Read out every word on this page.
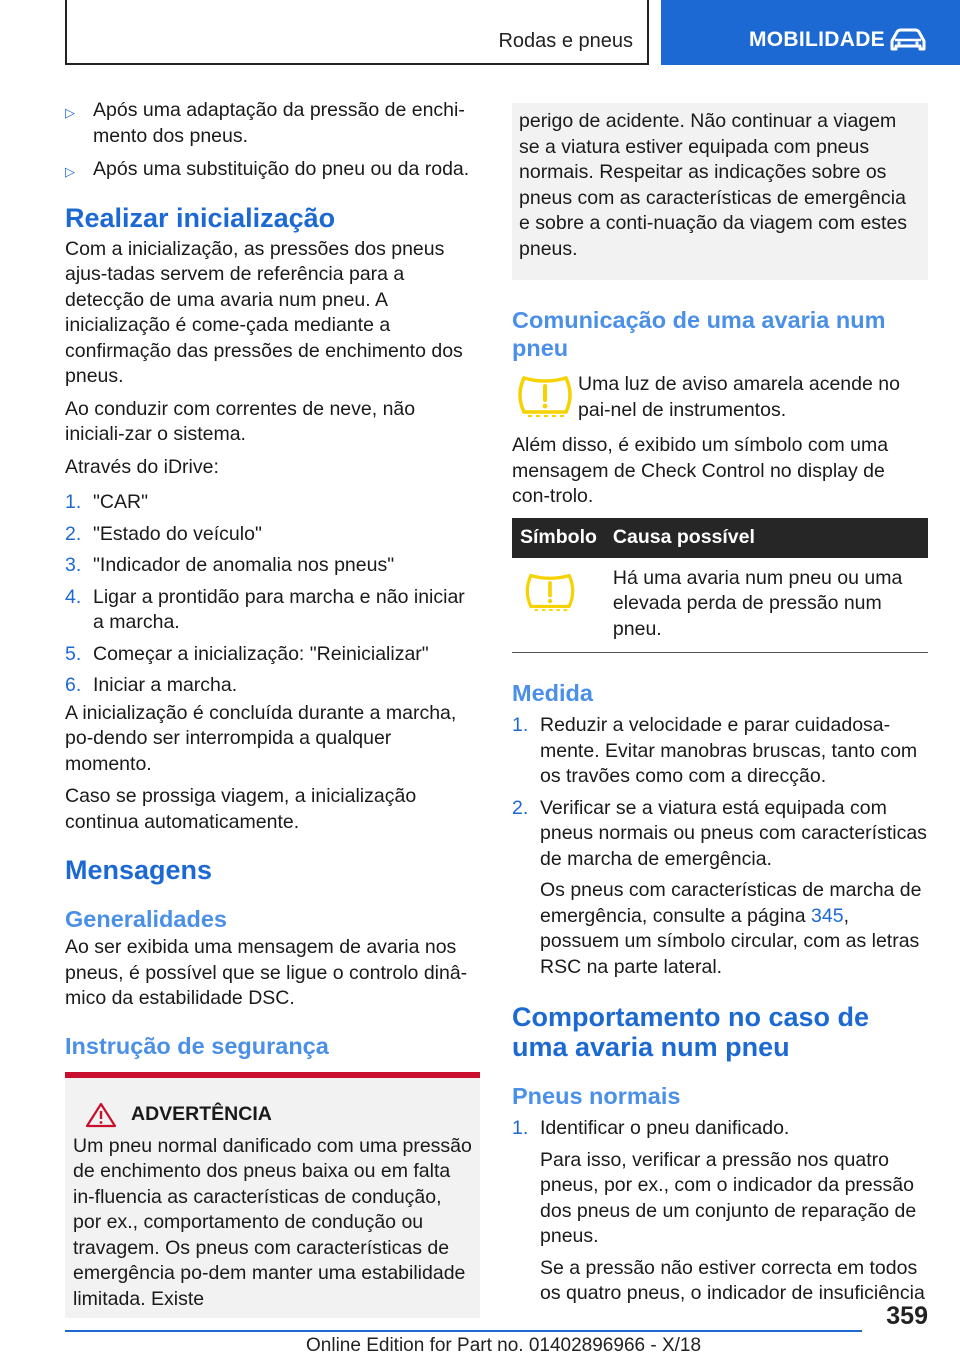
Rodas e pneus	MOBILIDADE
▷ Após uma adaptação da pressão de enchi-mento dos pneus.
▷ Após uma substituição do pneu ou da roda.
Realizar inicialização

Com a inicialização, as pressões dos pneus ajus-tadas servem de referência para a detecção de uma avaria num pneu. A inicialização é come-çada mediante a confirmação das pressões de enchimento dos pneus.

Ao conduzir com correntes de neve, não iniciali-zar o sistema.

Através do iDrive:

1. "CAR"
2. "Estado do veículo"
3. "Indicador de anomalia nos pneus"
4. Ligar a prontidão para marcha e não iniciar a marcha.
5. Começar a inicialização: "Reinicializar"
6. Iniciar a marcha.

A inicialização é concluída durante a marcha, po-dendo ser interrompida a qualquer momento.

Caso se prossiga viagem, a inicialização continua automaticamente.

Mensagens
Generalidades

Ao ser exibida uma mensagem de avaria nos pneus, é possível que se ligue o controlo dinâ-mico da estabilidade DSC.

Instrução de segurança
ADVERTÊNCIA
Um pneu normal danificado com uma pressão de enchimento dos pneus baixa ou em falta in-fluencia as características de condução, por ex., comportamento de condução ou travagem. Os pneus com características de emergência po-dem manter uma estabilidade limitada. Existe
perigo de acidente. Não continuar a viagem se a viatura estiver equipada com pneus normais. Respeitar as indicações sobre os pneus com as características de emergência e sobre a conti-nuação da viagem com estes pneus.
Comunicação de uma avaria num pneu

Uma luz de aviso amarela acende no pai-nel de instrumentos.

Além disso, é exibido um símbolo com uma mensagem de Check Control no display de con-trolo.

Símbolo	Causa possível
	Há uma avaria num pneu ou uma elevada perda de pressão num pneu.
Medida
1. Reduzir a velocidade e parar cuidadosa-mente. Evitar manobras bruscas, tanto com os travões como com a direcção.
2. Verificar se a viatura está equipada com pneus normais ou pneus com características de marcha de emergência.
Os pneus com características de marcha de emergência, consulte a página 345, possuem um símbolo circular, com as letras RSC na parte lateral.
Comportamento no caso de uma avaria num pneu
Pneus normais
1. Identificar o pneu danificado.
Para isso, verificar a pressão nos quatro pneus, por ex., com o indicador da pressão dos pneus de um conjunto de reparação de pneus.
Se a pressão não estiver correcta em todos os quatro pneus, o indicador de insuficiência
359
Online Edition for Part no. 01402896966 - X/18
